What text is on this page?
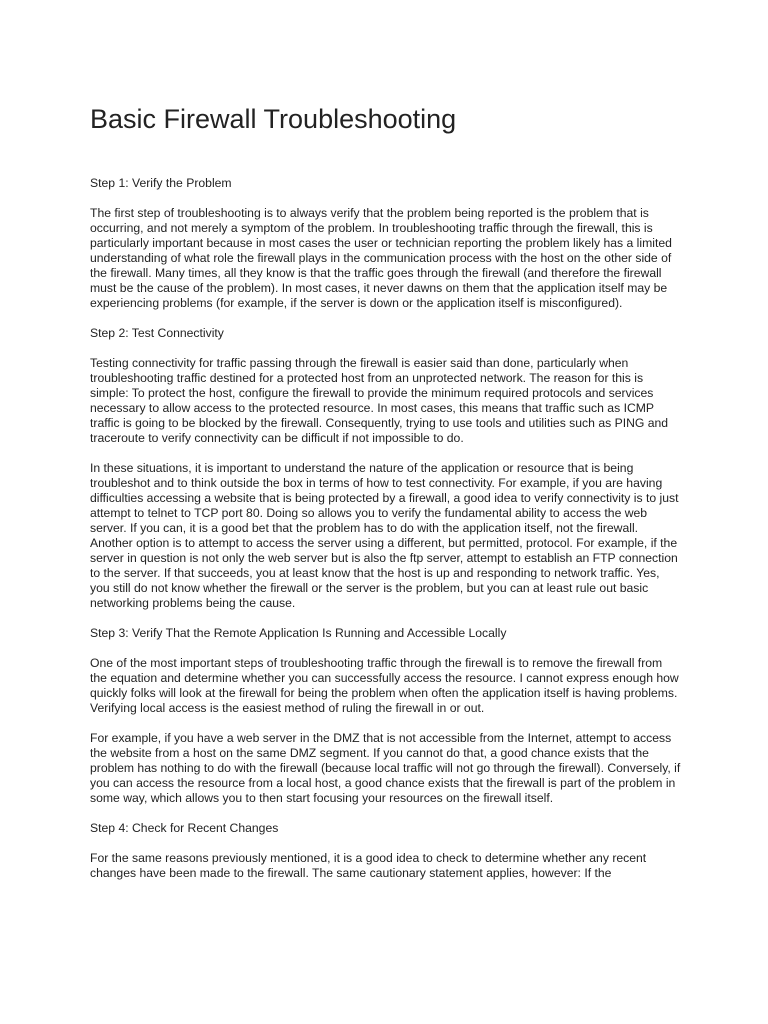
Basic Firewall Troubleshooting

Step 1: Verify the Problem

The first step of troubleshooting is to always verify that the problem being reported is the problem that is occurring, and not merely a symptom of the problem. In troubleshooting traffic through the firewall, this is particularly important because in most cases the user or technician reporting the problem likely has a limited understanding of what role the firewall plays in the communication process with the host on the other side of the firewall. Many times, all they know is that the traffic goes through the firewall (and therefore the firewall must be the cause of the problem). In most cases, it never dawns on them that the application itself may be experiencing problems (for example, if the server is down or the application itself is misconfigured).

Step 2: Test Connectivity

Testing connectivity for traffic passing through the firewall is easier said than done, particularly when troubleshooting traffic destined for a protected host from an unprotected network. The reason for this is simple: To protect the host, configure the firewall to provide the minimum required protocols and services necessary to allow access to the protected resource. In most cases, this means that traffic such as ICMP traffic is going to be blocked by the firewall. Consequently, trying to use tools and utilities such as PING and traceroute to verify connectivity can be difficult if not impossible to do.

In these situations, it is important to understand the nature of the application or resource that is being troubleshot and to think outside the box in terms of how to test connectivity. For example, if you are having difficulties accessing a website that is being protected by a firewall, a good idea to verify connectivity is to just attempt to telnet to TCP port 80. Doing so allows you to verify the fundamental ability to access the web server. If you can, it is a good bet that the problem has to do with the application itself, not the firewall. Another option is to attempt to access the server using a different, but permitted, protocol. For example, if the server in question is not only the web server but is also the ftp server, attempt to establish an FTP connection to the server. If that succeeds, you at least know that the host is up and responding to network traffic. Yes, you still do not know whether the firewall or the server is the problem, but you can at least rule out basic networking problems being the cause.

Step 3: Verify That the Remote Application Is Running and Accessible Locally

One of the most important steps of troubleshooting traffic through the firewall is to remove the firewall from the equation and determine whether you can successfully access the resource. I cannot express enough how quickly folks will look at the firewall for being the problem when often the application itself is having problems. Verifying local access is the easiest method of ruling the firewall in or out.

For example, if you have a web server in the DMZ that is not accessible from the Internet, attempt to access the website from a host on the same DMZ segment. If you cannot do that, a good chance exists that the problem has nothing to do with the firewall (because local traffic will not go through the firewall). Conversely, if you can access the resource from a local host, a good chance exists that the firewall is part of the problem in some way, which allows you to then start focusing your resources on the firewall itself.

Step 4: Check for Recent Changes

For the same reasons previously mentioned, it is a good idea to check to determine whether any recent changes have been made to the firewall. The same cautionary statement applies, however: If the
